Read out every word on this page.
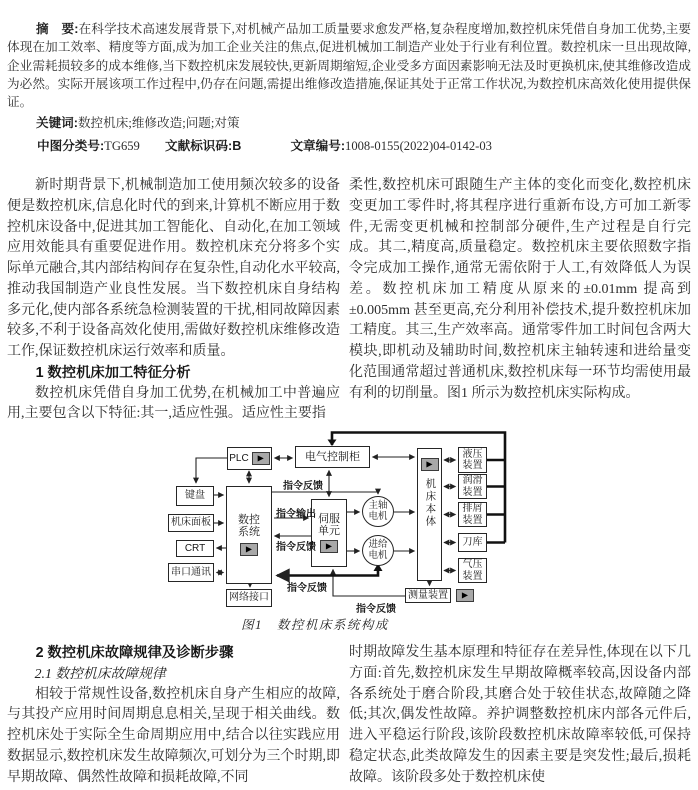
摘　要:在科学技术高速发展背景下,对机械产品加工质量要求愈发严格,复杂程度增加,数控机床凭借自身加工优势,主要体现在加工效率、精度等方面,成为加工企业关注的焦点,促进机械加工制造产业处于行业有利位置。数控机床一旦出现故障,企业需耗损较多的成本维修,当下数控机床发展较快,更新周期缩短,企业受多方面因素影响无法及时更换机床,使其维修改造成为必然。实际开展该项工作过程中,仍存在问题,需提出维修改造措施,保证其处于正常工作状况,为数控机床高效化使用提供保证。

关键词:数控机床;维修改造;问题;对策

中图分类号:TG659 文献标识码:B	文章编号:1008-0155(2022)04-0142-03

新时期背景下,机械制造加工使用频次较多的设备便是数控机床,信息化时代的到来,计算机不断应用于数控机床设备中,促进其加工智能化、自动化,在加工领域应用效能具有重要促进作用。数控机床充分将多个实际单元融合,其内部结构间存在复杂性,自动化水平较高,推动我国制造产业良性发展。当下数控机床自身结构多元化,使内部各系统急检测装置的干扰,相同故障因素较多,不利于设备高效化使用,需做好数控机床维修改造工作,保证数控机床运行效率和质量。

1 数控机床加工特征分析

数控机床凭借自身加工优势,在机械加工中普遍应用,主要包含以下特征:其一,适应性强。适应性主要指

柔性,数控机床可跟随生产主体的变化而变化,数控机床变更加工零件时,将其程序进行重新布设,方可加工新零件,无需变更机械和控制部分硬件,生产过程是自行完成。其二,精度高,质量稳定。数控机床主要依照数字指令完成加工操作,通常无需依附于人工,有效降低人为误差。数控机床加工精度从原来的±0.01mm 提高到±0.005mm 甚至更高,充分利用补偿技术,提升数控机床加工精度。其三,生产效率高。通常零件加工时间包含两大模块,即机动及辅助时间,数控机床主轴转速和进给量变化范围通常超过普通机床,数控机床每一环节均需使用最有利的切削量。图1 所示为数控机床实际构成。

PLC ▶	电气控制柜
键盘
机床面板
CRT
串口通讯
数控系统
▶
网络接口
伺服单元
▶
主轴电机
进给电机
▶
机床本体
液压装置
润滑装置
排屑装置
刀库
气压装置
测量装置 ▶
指令反馈
指令输出
指令反馈
指令反馈
指令反馈
图1　数控机床系统构成
2 数控机床故障规律及诊断步骤
2.1 数控机床故障规律

相较于常规性设备,数控机床自身产生相应的故障,与其投产应用时间周期息息相关,呈现于相关曲线。数控机床处于实际全生命周期应用中,结合以往实践应用数据显示,数控机床发生故障频次,可划分为三个时期,即早期故障、偶然性故障和损耗故障,不同

时期故障发生基本原理和特征存在差异性,体现在以下几方面:首先,数控机床发生早期故障概率较高,因设备内部各系统处于磨合阶段,其磨合处于较佳状态,故障随之降低;其次,偶发性故障。养护调整数控机床内部各元件后,进入平稳运行阶段,该阶段数控机床故障率较低,可保持稳定状态,此类故障发生的因素主要是突发性;最后,损耗故障。该阶段多处于数控机床使
